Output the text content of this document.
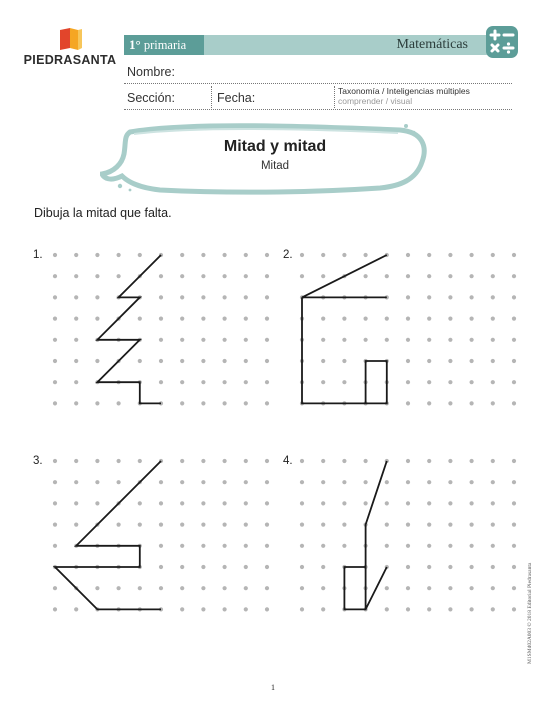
PIEDRASANTA
1° primaria	Matemáticas
Nombre:
Sección:	Fecha:	Taxonomía / Inteligencias múltiples
comprender / visual
Mitad y mitad
Mitad
Dibuja la mitad que falta.
1.	2.
3.	4.
1
M1SMd02A003 © 2018 Editorial Piedrasanta
